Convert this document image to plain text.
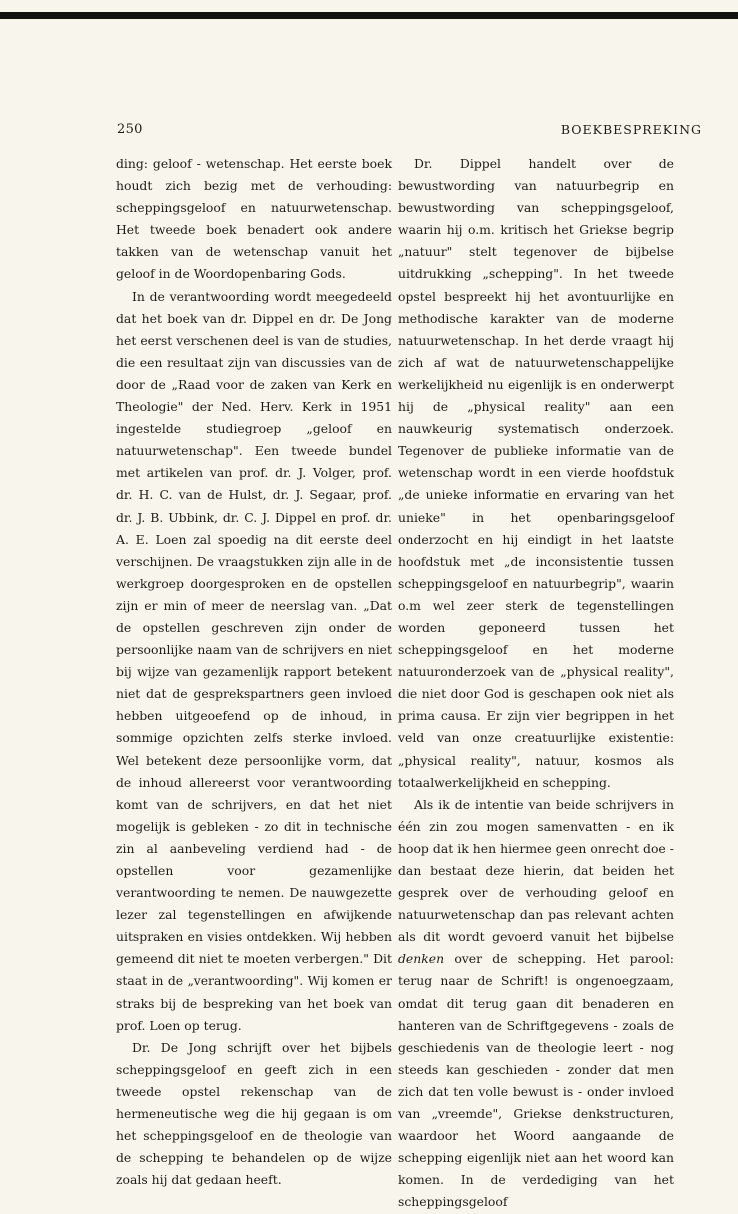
250	BOEKBESPREKING

ding: geloof - wetenschap. Het eerste boek houdt zich bezig met de verhouding: scheppingsgeloof en natuurwetenschap. Het tweede boek benadert ook andere takken van de wetenschap vanuit het geloof in de Woordopenbaring Gods.

In de verantwoording wordt meegedeeld dat het boek van dr. Dippel en dr. De Jong het eerst verschenen deel is van de studies, die een resultaat zijn van discussies van de door de „Raad voor de zaken van Kerk en Theologie" der Ned. Herv. Kerk in 1951 ingestelde studiegroep „geloof en natuurwetenschap". Een tweede bundel met artikelen van prof. dr. J. Volger, prof. dr. H. C. van de Hulst, dr. J. Segaar, prof. dr. J. B. Ubbink, dr. C. J. Dippel en prof. dr. A. E. Loen zal spoedig na dit eerste deel verschijnen. De vraagstukken zijn alle in de werkgroep doorgesproken en de opstellen zijn er min of meer de neerslag van. „Dat de opstellen geschreven zijn onder de persoonlijke naam van de schrijvers en niet bij wijze van gezamenlijk rapport betekent niet dat de gesprekspartners geen invloed hebben uitgeoefend op de inhoud, in sommige opzichten zelfs sterke invloed. Wel betekent deze persoonlijke vorm, dat de inhoud allereerst voor verantwoording komt van de schrijvers, en dat het niet mogelijk is gebleken - zo dit in technische zin al aanbeveling verdiend had - de opstellen voor gezamenlijke verantwoording te nemen. De nauwgezette lezer zal tegenstellingen en afwijkende uitspraken en visies ontdekken. Wij hebben gemeend dit niet te moeten verbergen." Dit staat in de „verantwoording". Wij komen er straks bij de bespreking van het boek van prof. Loen op terug.

Dr. De Jong schrijft over het bijbels scheppingsgeloof en geeft zich in een tweede opstel rekenschap van de hermeneutische weg die hij gegaan is om het scheppingsgeloof en de theologie van de schepping te behandelen op de wijze zoals hij dat gedaan heeft.

Dr. Dippel handelt over de bewustwording van natuurbegrip en bewustwording van scheppingsgeloof, waarin hij o.m. kritisch het Griekse begrip „natuur" stelt tegenover de bijbelse uitdrukking „schepping". In het tweede opstel bespreekt hij het avontuurlijke en methodische karakter van de moderne natuurwetenschap. In het derde vraagt hij zich af wat de natuurwetenschappelijke werkelijkheid nu eigenlijk is en onderwerpt hij de „physical reality" aan een nauwkeurig systematisch onderzoek. Tegenover de publieke informatie van de wetenschap wordt in een vierde hoofdstuk „de unieke informatie en ervaring van het unieke" in het openbaringsgeloof onderzocht en hij eindigt in het laatste hoofdstuk met „de inconsistentie tussen scheppingsgeloof en natuurbegrip", waarin o.m wel zeer sterk de tegenstellingen worden geponeerd tussen het scheppingsgeloof en het moderne natuuronderzoek van de „physical reality", die niet door God is geschapen ook niet als prima causa. Er zijn vier begrippen in het veld van onze creatuurlijke existentie: „physical reality", natuur, kosmos als totaalwerkelijkheid en schepping.

Als ik de intentie van beide schrijvers in één zin zou mogen samenvatten - en ik hoop dat ik hen hiermee geen onrecht doe - dan bestaat deze hierin, dat beiden het gesprek over de verhouding geloof en natuurwetenschap dan pas relevant achten als dit wordt gevoerd vanuit het bijbelse denken over de schepping. Het parool: terug naar de Schrift! is ongenoegzaam, omdat dit terug gaan dit benaderen en hanteren van de Schriftgegevens - zoals de geschiedenis van de theologie leert - nog steeds kan geschieden - zonder dat men zich dat ten volle bewust is - onder invloed van „vreemde", Griekse denkstructuren, waardoor het Woord aangaande de schepping eigenlijk niet aan het woord kan komen. In de verdediging van het scheppingsgeloof
